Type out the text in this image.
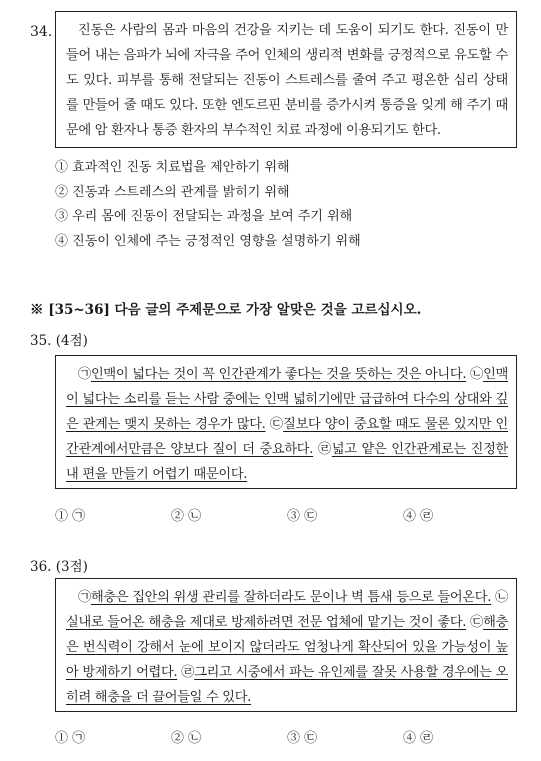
34.	진동은 사람의 몸과 마음의 건강을 지키는 데 도움이 되기도 한다. 진동이 만들어 내는 음파가 뇌에 자극을 주어 인체의 생리적 변화를 긍정적으로 유도할 수도 있다. 피부를 통해 전달되는 진동이 스트레스를 줄여 주고 평온한 심리 상태를 만들어 줄 때도 있다. 또한 엔도르핀 분비를 증가시켜 통증을 잊게 해 주기 때문에 암 환자나 통증 환자의 부수적인 치료 과정에 이용되기도 한다.

① 효과적인 진동 치료법을 제안하기 위해
② 진동과 스트레스의 관계를 밝히기 위해
③ 우리 몸에 진동이 전달되는 과정을 보여 주기 위해
④ 진동이 인체에 주는 긍정적인 영향을 설명하기 위해
※ [35~36] 다음 글의 주제문으로 가장 알맞은 것을 고르십시오.
35. (4점)

㉠인맥이 넓다는 것이 꼭 인간관계가 좋다는 것을 뜻하는 것은 아니다. ㉡인맥이 넓다는 소리를 듣는 사람 중에는 인맥 넓히기에만 급급하여 다수의 상대와 깊은 관계는 맺지 못하는 경우가 많다. ㉢질보다 양이 중요할 때도 물론 있지만 인간관계에서만큼은 양보다 질이 더 중요하다. ㉣넓고 얕은 인간관계로는 진정한 내 편을 만들기 어렵기 때문이다.

① ㉠	② ㉡	③ ㉢	④ ㉣
36. (3점)

㉠해충은 집안의 위생 관리를 잘하더라도 문이나 벽 틈새 등으로 들어온다. ㉡실내로 들어온 해충을 제대로 방제하려면 전문 업체에 맡기는 것이 좋다. ㉢해충은 번식력이 강해서 눈에 보이지 않더라도 엄청나게 확산되어 있을 가능성이 높아 방제하기 어렵다. ㉣그리고 시중에서 파는 유인제를 잘못 사용할 경우에는 오히려 해충을 더 끌어들일 수 있다.

① ㉠	② ㉡	③ ㉢	④ ㉣
